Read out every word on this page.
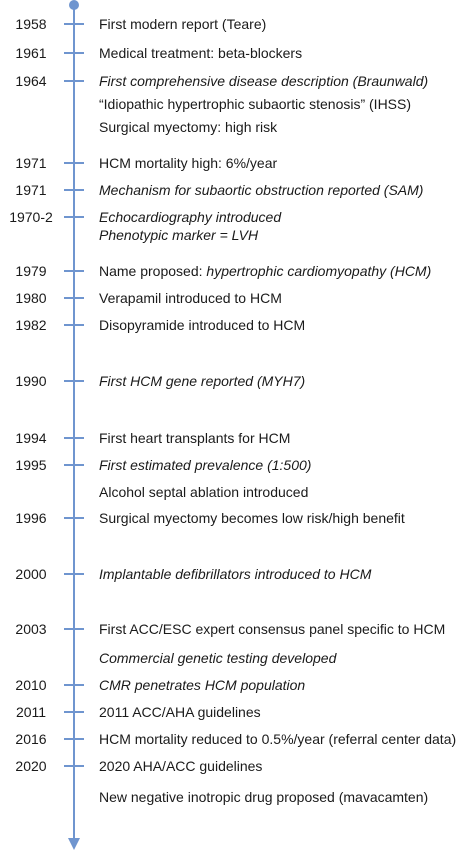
1958	First modern report (Teare)
1961	Medical treatment: beta-blockers
1964	First comprehensive disease description (Braunwald)
“Idiopathic hypertrophic subaortic stenosis” (IHSS)
Surgical myectomy: high risk
1971	HCM mortality high: 6%/year
1971	Mechanism for subaortic obstruction reported (SAM)
1970-2	Echocardiography introduced
Phenotypic marker = LVH
1979	Name proposed: hypertrophic cardiomyopathy (HCM)
1980	Verapamil introduced to HCM
1982	Disopyramide introduced to HCM
1990	First HCM gene reported (MYH7)
1994	First heart transplants for HCM
1995	First estimated prevalence (1:500)
Alcohol septal ablation introduced
1996	Surgical myectomy becomes low risk/high benefit
2000	Implantable defibrillators introduced to HCM
2003	First ACC/ESC expert consensus panel specific to HCM
Commercial genetic testing developed
2010	CMR penetrates HCM population
2011	2011 ACC/AHA guidelines
2016	HCM mortality reduced to 0.5%/year (referral center data)
2020	2020 AHA/ACC guidelines
New negative inotropic drug proposed (mavacamten)
